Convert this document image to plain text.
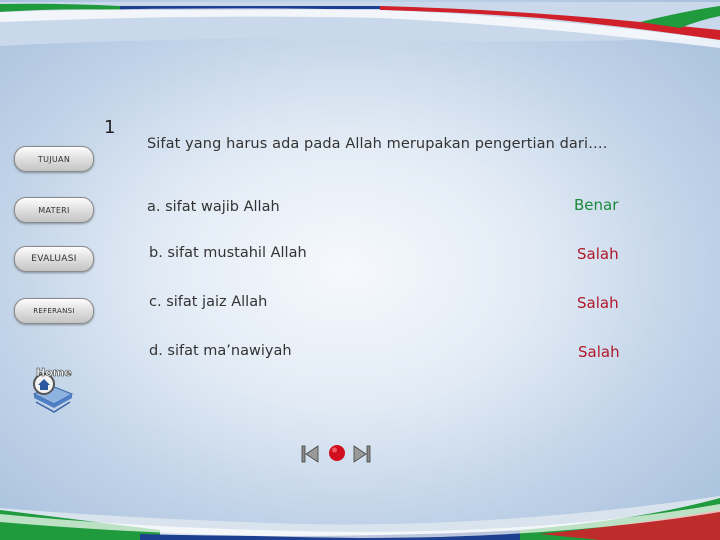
TUJUAN
MATERI
EVALUASI
REFERANSI
Home
1
Sifat yang harus ada pada Allah merupakan pengertian dari….
a. sifat wajib Allah	Benar
b. sifat mustahil Allah	Salah
c. sifat jaiz Allah	Salah
d. sifat ma’nawiyah	Salah
